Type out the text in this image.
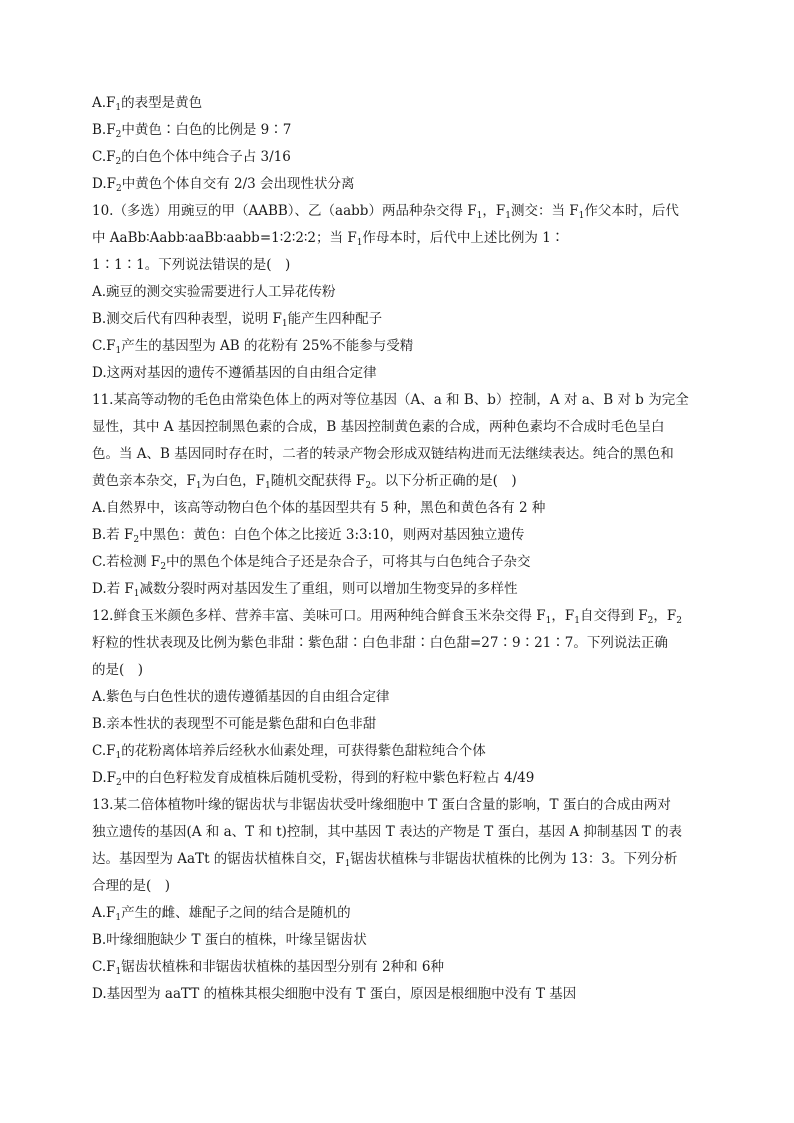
$A.F_1$的表型是黄色
$B.F_2$中黄色∶白色的比例是 9∶7
$C.F_2$的白色个体中纯合子占 3/16
$D.F_2$中黄色个体自交有 2/3 会出现性状分离
10.（多选）用豌豆的甲（AABB）、乙（aabb）两品种杂交得 $F_1$，$F_1$测交：当 $F_1$作父本时，后代
中 AaBb∶Aabb∶aaBb∶aabb=1∶2∶2∶2；当 $F_1$作母本时，后代中上述比例为 1∶
1∶1∶1。下列说法错误的是(　)
A.豌豆的测交实验需要进行人工异花传粉
B.测交后代有四种表型，说明 $F_1$能产生四种配子
$C.F_1$产生的基因型为 AB 的花粉有 25%不能参与受精
D.这两对基因的遗传不遵循基因的自由组合定律
11.某高等动物的毛色由常染色体上的两对等位基因（A、a 和 B、b）控制，A 对 a、B 对 b 为完全
显性，其中 A 基因控制黑色素的合成，B 基因控制黄色素的合成，两种色素均不合成时毛色呈白
色。当 A、B 基因同时存在时，二者的转录产物会形成双链结构进而无法继续表达。纯合的黑色和
黄色亲本杂交，$F_1$为白色，$F_1$随机交配获得 $F_2$。以下分析正确的是(　)
A.自然界中，该高等动物白色个体的基因型共有 5 种，黑色和黄色各有 2 种
B.若 $F_2$中黑色：黄色：白色个体之比接近 3:3:10，则两对基因独立遗传
C.若检测 $F_2$中的黑色个体是纯合子还是杂合子，可将其与白色纯合子杂交
D.若 $F_1$减数分裂时两对基因发生了重组，则可以增加生物变异的多样性
12.鲜食玉米颜色多样、营养丰富、美味可口。用两种纯合鲜食玉米杂交得 $F_1$，$F_1$自交得到 $F_2$，$F_2$
籽粒的性状表现及比例为紫色非甜∶紫色甜∶白色非甜∶白色甜=27∶9∶21∶7。下列说法正确
的是(　)
A.紫色与白色性状的遗传遵循基因的自由组合定律
B.亲本性状的表现型不可能是紫色甜和白色非甜
$C.F_1$的花粉离体培养后经秋水仙素处理，可获得紫色甜粒纯合个体
$D.F_2$中的白色籽粒发育成植株后随机受粉，得到的籽粒中紫色籽粒占 4/49
13.某二倍体植物叶缘的锯齿状与非锯齿状受叶缘细胞中 T 蛋白含量的影响，T 蛋白的合成由两对
独立遗传的基因(A 和 a、T 和 t)控制，其中基因 T 表达的产物是 T 蛋白，基因 A 抑制基因 T 的表
达。基因型为 AaTt 的锯齿状植株自交，$F_1$锯齿状植株与非锯齿状植株的比例为 13：3。下列分析
合理的是(　)
$A.F_1$产生的雌、雄配子之间的结合是随机的
B.叶缘细胞缺少 T 蛋白的植株，叶缘呈锯齿状
$C.F_1$锯齿状植株和非锯齿状植株的基因型分别有 2种和 6种
D.基因型为 aaTT 的植株其根尖细胞中没有 T 蛋白，原因是根细胞中没有 T 基因
